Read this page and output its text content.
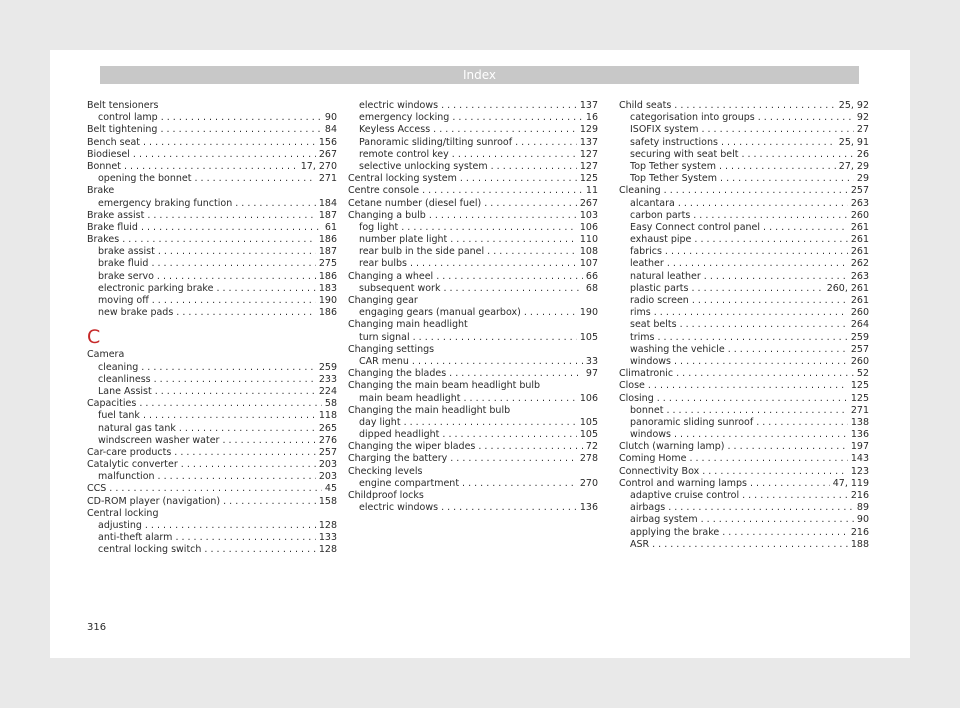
Index
Belt tensioners
control lamp . . .	90
Belt tightening . . .	84
Bench seat . . .	156
Biodiesel . . .	267
Bonnet . . .	17, 270
opening the bonnet . . .	271
Brake
emergency braking function . . .	184
Brake assist . . .	187
Brake fluid . . .	61
Brakes . . .	186
brake assist . . .	187
brake fluid . . .	275
brake servo . . .	186
electronic parking brake . . .	183
moving off . . .	190
new brake pads . . .	186
C
Camera
cleaning . . .	259
cleanliness . . .	233
Lane Assist . . .	224
Capacities . . .	58
fuel tank . . .	118
natural gas tank . . .	265
windscreen washer water . . .	276
Car-care products . . .	257
Catalytic converter . . .	203
malfunction . . .	203
CCS . . .	45
CD-ROM player (navigation) . . .	158
Central locking
adjusting . . .	128
anti-theft alarm . . .	133
central locking switch . . .	128
electric windows . . .	137
emergency locking . . .	16
Keyless Access . . .	129
Panoramic sliding/tilting sunroof . . .	137
remote control key . . .	127
selective unlocking system . . .	127
Central locking system . . .	125
Centre console . . .	11
Cetane number (diesel fuel) . . .	267
Changing a bulb . . .	103
fog light . . .	106
number plate light . . .	110
rear bulb in the side panel . . .	108
rear bulbs . . .	107
Changing a wheel . . .	66
subsequent work . . .	68
Changing gear
engaging gears (manual gearbox) . . .	190
Changing main headlight
turn signal . . .	105
Changing settings
CAR menu . . .	33
Changing the blades . . .	97
Changing the main beam headlight bulb
main beam headlight . . .	106
Changing the main headlight bulb
day light . . .	105
dipped headlight . . .	105
Changing the wiper blades . . .	72
Charging the battery . . .	278
Checking levels
engine compartment . . .	270
Childproof locks
electric windows . . .	136
Child seats . . .	25, 92
categorisation into groups . . .	92
ISOFIX system . . .	27
safety instructions . . .	25, 91
securing with seat belt . . .	26
Top Tether system . . .	27, 29
Top Tether System . . .	29
Cleaning . . .	257
alcantara . . .	263
carbon parts . . .	260
Easy Connect control panel . . .	261
exhaust pipe . . .	261
fabrics . . .	261
leather . . .	262
natural leather . . .	263
plastic parts . . .	260, 261
radio screen . . .	261
rims . . .	260
seat belts . . .	264
trims . . .	259
washing the vehicle . . .	257
windows . . .	260
Climatronic . . .	52
Close . . .	125
Closing . . .	125
bonnet . . .	271
panoramic sliding sunroof . . .	138
windows . . .	136
Clutch (warning lamp) . . .	197
Coming Home . . .	143
Connectivity Box . . .	123
Control and warning lamps . . .	47, 119
adaptive cruise control . . .	216
airbags . . .	89
airbag system . . .	90
applying the brake . . .	216
ASR . . .	188
316
